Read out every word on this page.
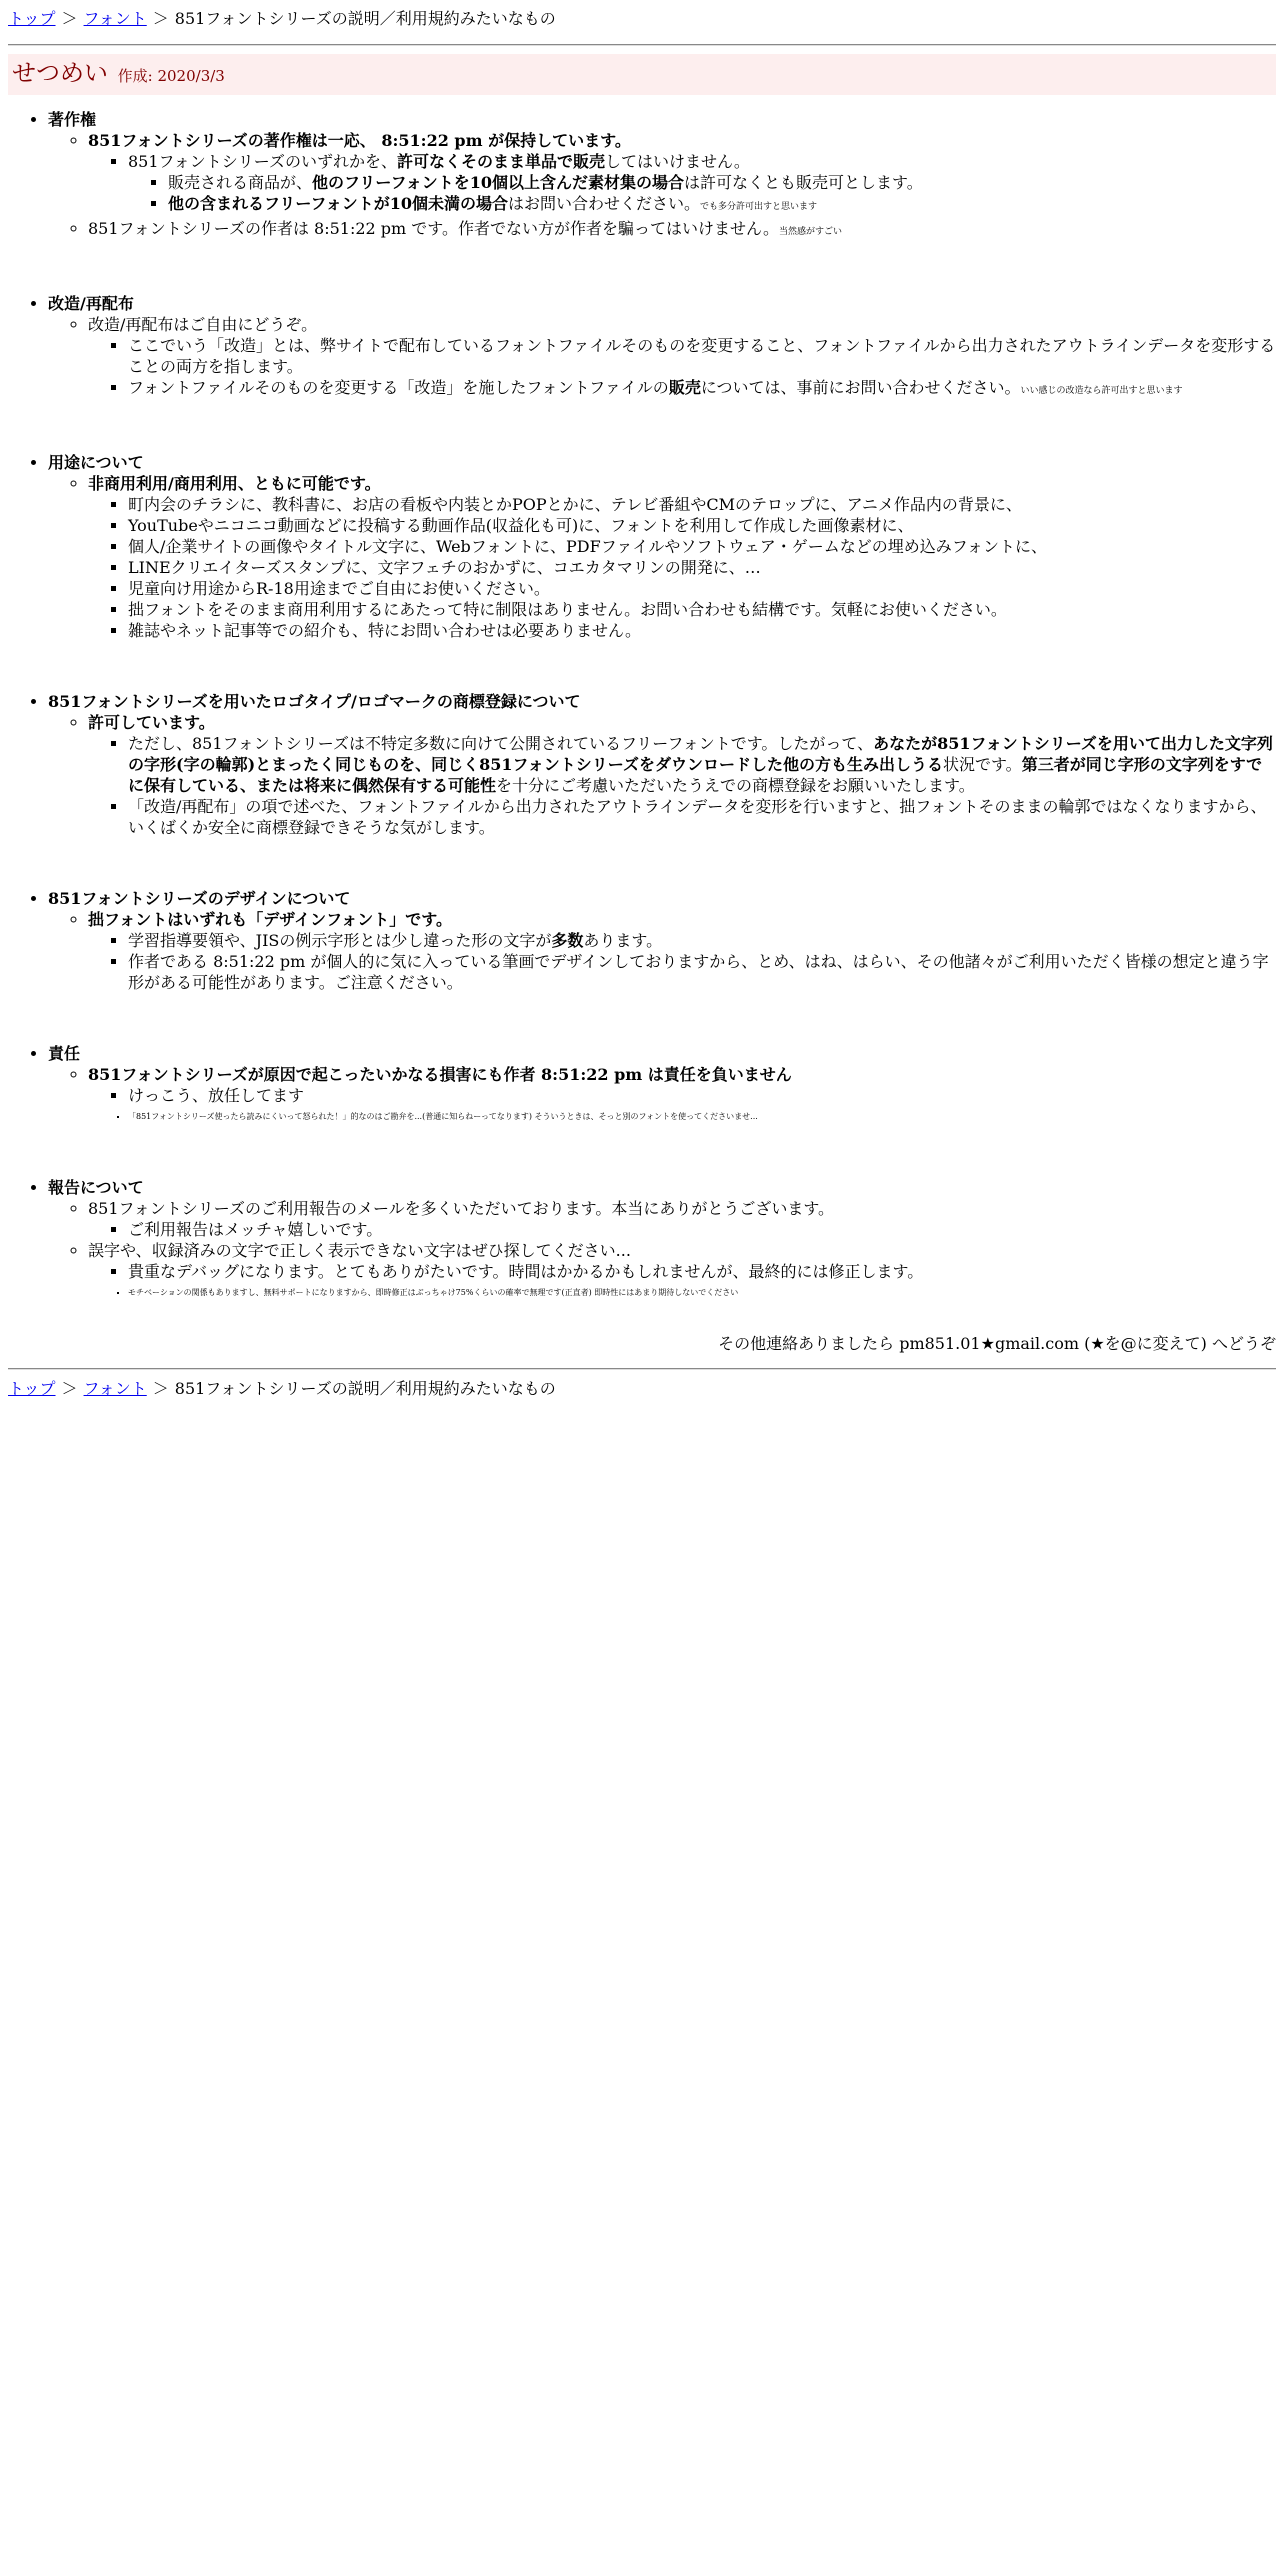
トップ ＞ フォント ＞ 851フォントシリーズの説明／利用規約みたいなもの
せつめい 作成: 2020/3/3
• 著作権
◦ 851フォントシリーズの著作権は一応、 8:51:22 pm が保持しています。
▪ 851フォントシリーズのいずれかを、許可なくそのまま単品で販売してはいけません。
▪ 販売される商品が、他のフリーフォントを10個以上含んだ素材集の場合は許可なくとも販売可とします。
▪ 他の含まれるフリーフォントが10個未満の場合はお問い合わせください。でも多分許可出すと思います
◦ 851フォントシリーズの作者は 8:51:22 pm です。作者でない方が作者を騙ってはいけません。当然感がすごい
• 改造/再配布
◦ 改造/再配布はご自由にどうぞ。
▪ ここでいう「改造」とは、弊サイトで配布しているフォントファイルそのものを変更すること、フォントファイルから出力されたアウトラインデータを変形することの両方を指します。
▪ フォントファイルそのものを変更する「改造」を施したフォントファイルの販売については、事前にお問い合わせください。いい感じの改造なら許可出すと思います
• 用途について
◦ 非商用利用/商用利用、ともに可能です。
▪ 町内会のチラシに、教科書に、お店の看板や内装とかPOPとかに、テレビ番組やCMのテロップに、アニメ作品内の背景に、
▪ YouTubeやニコニコ動画などに投稿する動画作品(収益化も可)に、フォントを利用して作成した画像素材に、
▪ 個人/企業サイトの画像やタイトル文字に、Webフォントに、PDFファイルやソフトウェア・ゲームなどの埋め込みフォントに、
▪ LINEクリエイターズスタンプに、文字フェチのおかずに、コエカタマリンの開発に、…
▪ 児童向け用途からR-18用途までご自由にお使いください。
▪ 拙フォントをそのまま商用利用するにあたって特に制限はありません。お問い合わせも結構です。気軽にお使いください。
▪ 雑誌やネット記事等での紹介も、特にお問い合わせは必要ありません。
• 851フォントシリーズを用いたロゴタイプ/ロゴマークの商標登録について
◦ 許可しています。
▪ ただし、851フォントシリーズは不特定多数に向けて公開されているフリーフォントです。したがって、あなたが851フォントシリーズを用いて出力した文字列の字形(字の輪郭)とまったく同じものを、同じく851フォントシリーズをダウンロードした他の方も生み出しうる状況です。第三者が同じ字形の文字列をすでに保有している、または将来に偶然保有する可能性を十分にご考慮いただいたうえでの商標登録をお願いいたします。
▪ 「改造/再配布」の項で述べた、フォントファイルから出力されたアウトラインデータを変形を行いますと、拙フォントそのままの輪郭ではなくなりますから、いくばくか安全に商標登録できそうな気がします。
• 851フォントシリーズのデザインについて
◦ 拙フォントはいずれも「デザインフォント」です。
▪ 学習指導要領や、JISの例示字形とは少し違った形の文字が多数あります。
▪ 作者である 8:51:22 pm が個人的に気に入っている筆画でデザインしておりますから、とめ、はね、はらい、その他諸々がご利用いただく皆様の想定と違う字形がある可能性があります。ご注意ください。
• 責任
◦ 851フォントシリーズが原因で起こったいかなる損害にも作者 8:51:22 pm は責任を負いません
▪ けっこう、放任してます
▪ 「851フォントシリーズ使ったら読みにくいって怒られた！」的なのはご勘弁を...(普通に知らねーってなります) そういうときは、そっと別のフォントを使ってくださいませ...
• 報告について
◦ 851フォントシリーズのご利用報告のメールを多くいただいております。本当にありがとうございます。
▪ ご利用報告はメッチャ嬉しいです。
◦ 誤字や、収録済みの文字で正しく表示できない文字はぜひ探してください...
▪ 貴重なデバッグになります。とてもありがたいです。時間はかかるかもしれませんが、最終的には修正します。
▪ モチベーションの関係もありますし、無料サポートになりますから、即時修正はぶっちゃけ75%くらいの確率で無理です(正直者) 即時性にはあまり期待しないでください
その他連絡ありましたら pm851.01★gmail.com (★を@に変えて) へどうぞ
トップ ＞ フォント ＞ 851フォントシリーズの説明／利用規約みたいなもの
